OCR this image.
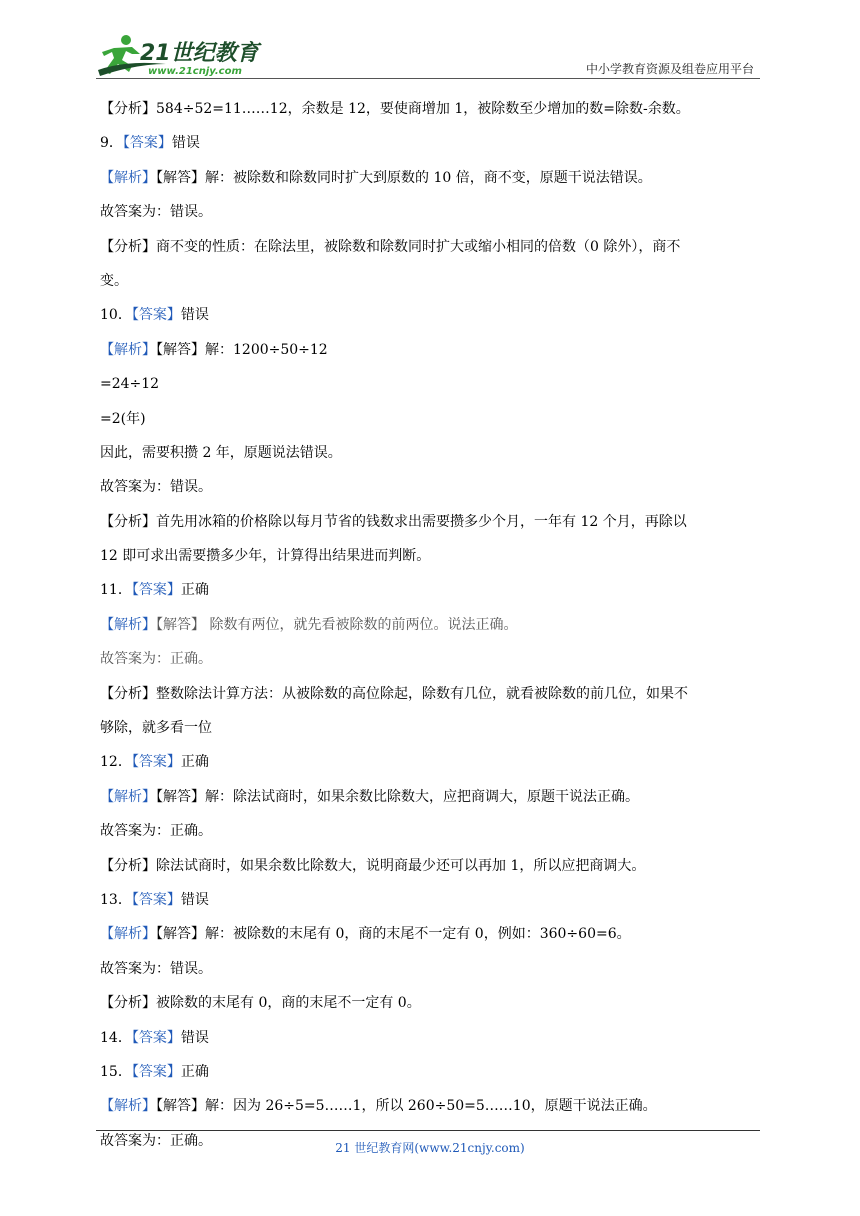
21世纪教育
www.21cnjy.com	中小学教育资源及组卷应用平台
【分析】584÷52=11……12，余数是 12，要使商增加 1，被除数至少增加的数=除数-余数。
9．【答案】错误
【解析】【解答】解：被除数和除数同时扩大到原数的 10 倍，商不变，原题干说法错误。
故答案为：错误。
【分析】商不变的性质：在除法里，被除数和除数同时扩大或缩小相同的倍数（0 除外），商不
变。
10．【答案】错误
【解析】【解答】解：1200÷50÷12
=24÷12
=2(年)
因此，需要积攒 2 年，原题说法错误。
故答案为：错误。
【分析】首先用冰箱的价格除以每月节省的钱数求出需要攒多少个月，一年有 12 个月，再除以
12 即可求出需要攒多少年，计算得出结果进而判断。
11．【答案】正确
【解析】【解答】 除数有两位，就先看被除数的前两位。说法正确。
故答案为：正确。
【分析】整数除法计算方法：从被除数的高位除起，除数有几位，就看被除数的前几位，如果不
够除，就多看一位
12．【答案】正确
【解析】【解答】解：除法试商时，如果余数比除数大，应把商调大，原题干说法正确。
故答案为：正确。
【分析】除法试商时，如果余数比除数大，说明商最少还可以再加 1，所以应把商调大。
13．【答案】错误
【解析】【解答】解：被除数的末尾有 0，商的末尾不一定有 0，例如：360÷60=6。
故答案为：错误。
【分析】被除数的末尾有 0，商的末尾不一定有 0。
14．【答案】错误
15．【答案】正确
【解析】【解答】解：因为 26÷5=5……1，所以 260÷50=5……10，原题干说法正确。
故答案为：正确。	21 世纪教育网(www.21cnjy.com)
